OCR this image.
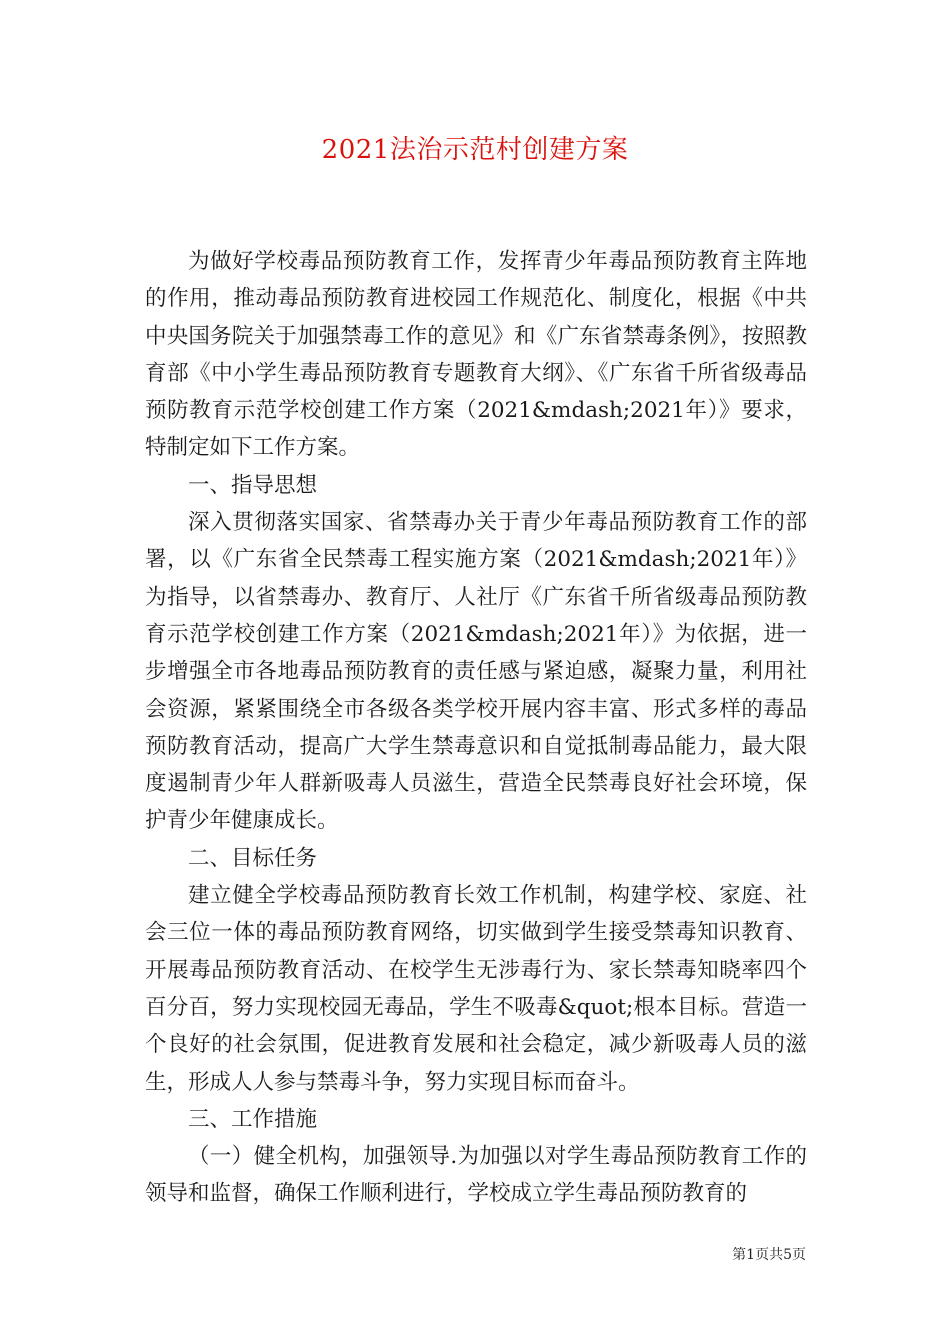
2021法治示范村创建方案

为做好学校毒品预防教育工作，发挥青少年毒品预防教育主阵地的作用，推动毒品预防教育进校园工作规范化、制度化，根据《中共中央国务院关于加强禁毒工作的意见》和《广东省禁毒条例》，按照教育部《中小学生毒品预防教育专题教育大纲》、《广东省千所省级毒品预防教育示范学校创建工作方案（2021&mdash;2021年）》要求，特制定如下工作方案。

一、指导思想

深入贯彻落实国家、省禁毒办关于青少年毒品预防教育工作的部署，以《广东省全民禁毒工程实施方案（2021&mdash;2021年）》为指导，以省禁毒办、教育厅、人社厅《广东省千所省级毒品预防教育示范学校创建工作方案（2021&mdash;2021年）》为依据，进一步增强全市各地毒品预防教育的责任感与紧迫感，凝聚力量，利用社会资源，紧紧围绕全市各级各类学校开展内容丰富、形式多样的毒品预防教育活动，提高广大学生禁毒意识和自觉抵制毒品能力，最大限度遏制青少年人群新吸毒人员滋生，营造全民禁毒良好社会环境，保护青少年健康成长。

二、目标任务

建立健全学校毒品预防教育长效工作机制，构建学校、家庭、社会三位一体的毒品预防教育网络，切实做到学生接受禁毒知识教育、开展毒品预防教育活动、在校学生无涉毒行为、家长禁毒知晓率四个百分百，努力实现校园无毒品，学生不吸毒&quot;根本目标。营造一个良好的社会氛围，促进教育发展和社会稳定，减少新吸毒人员的滋生，形成人人参与禁毒斗争，努力实现目标而奋斗。

三、工作措施

（一）健全机构，加强领导.为加强以对学生毒品预防教育工作的领导和监督，确保工作顺利进行，学校成立学生毒品预防教育的

第1页共5页
